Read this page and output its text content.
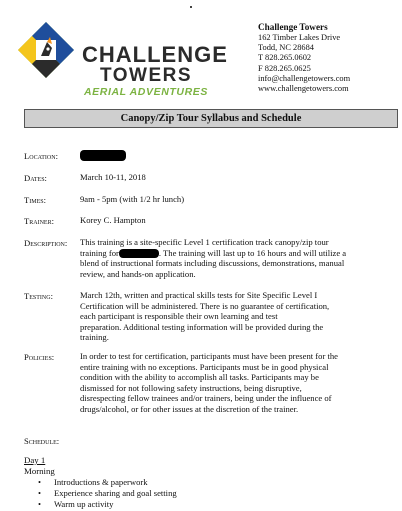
CHALLENGE
TOWERS
AERIAL ADVENTURES
Challenge Towers
162 Timber Lakes Drive
Todd, NC 28684
T 828.265.0602
F 828.265.0625
info@challengetowers.com
www.challengetowers.com
Canopy/Zip Tour Syllabus and Schedule
Location:
Dates:	March 10-11, 2018
Times:	9am - 5pm (with 1/2 hr lunch)
Trainer:	Korey C. Hampton
Description: This training is a site-specific Level 1 certification track canopy/zip tour
training for	. The training will last up to 16 hours and will utilize a
blend of instructional formats including discussions, demonstrations, manual
review, and hands-on application.
Testing:	March 12th, written and practical skills tests for Site Specific Level I
Certification will be administered. There is no guarantee of certification,
each participant is responsible their own learning and test
preparation. Additional testing information will be provided during the
training.
Policies:	In order to test for certification, participants must have been present for the
entire training with no exceptions. Participants must be in good physical
condition with the ability to accomplish all tasks. Participants may be
dismissed for not following safety instructions, being disruptive,
disrespecting fellow trainees and/or trainers, being under the influence of
drugs/alcohol, or for other issues at the discretion of the trainer.
Schedule:
Day 1
Morning
• Introductions & paperwork
• Experience sharing and goal setting
• Warm up activity
